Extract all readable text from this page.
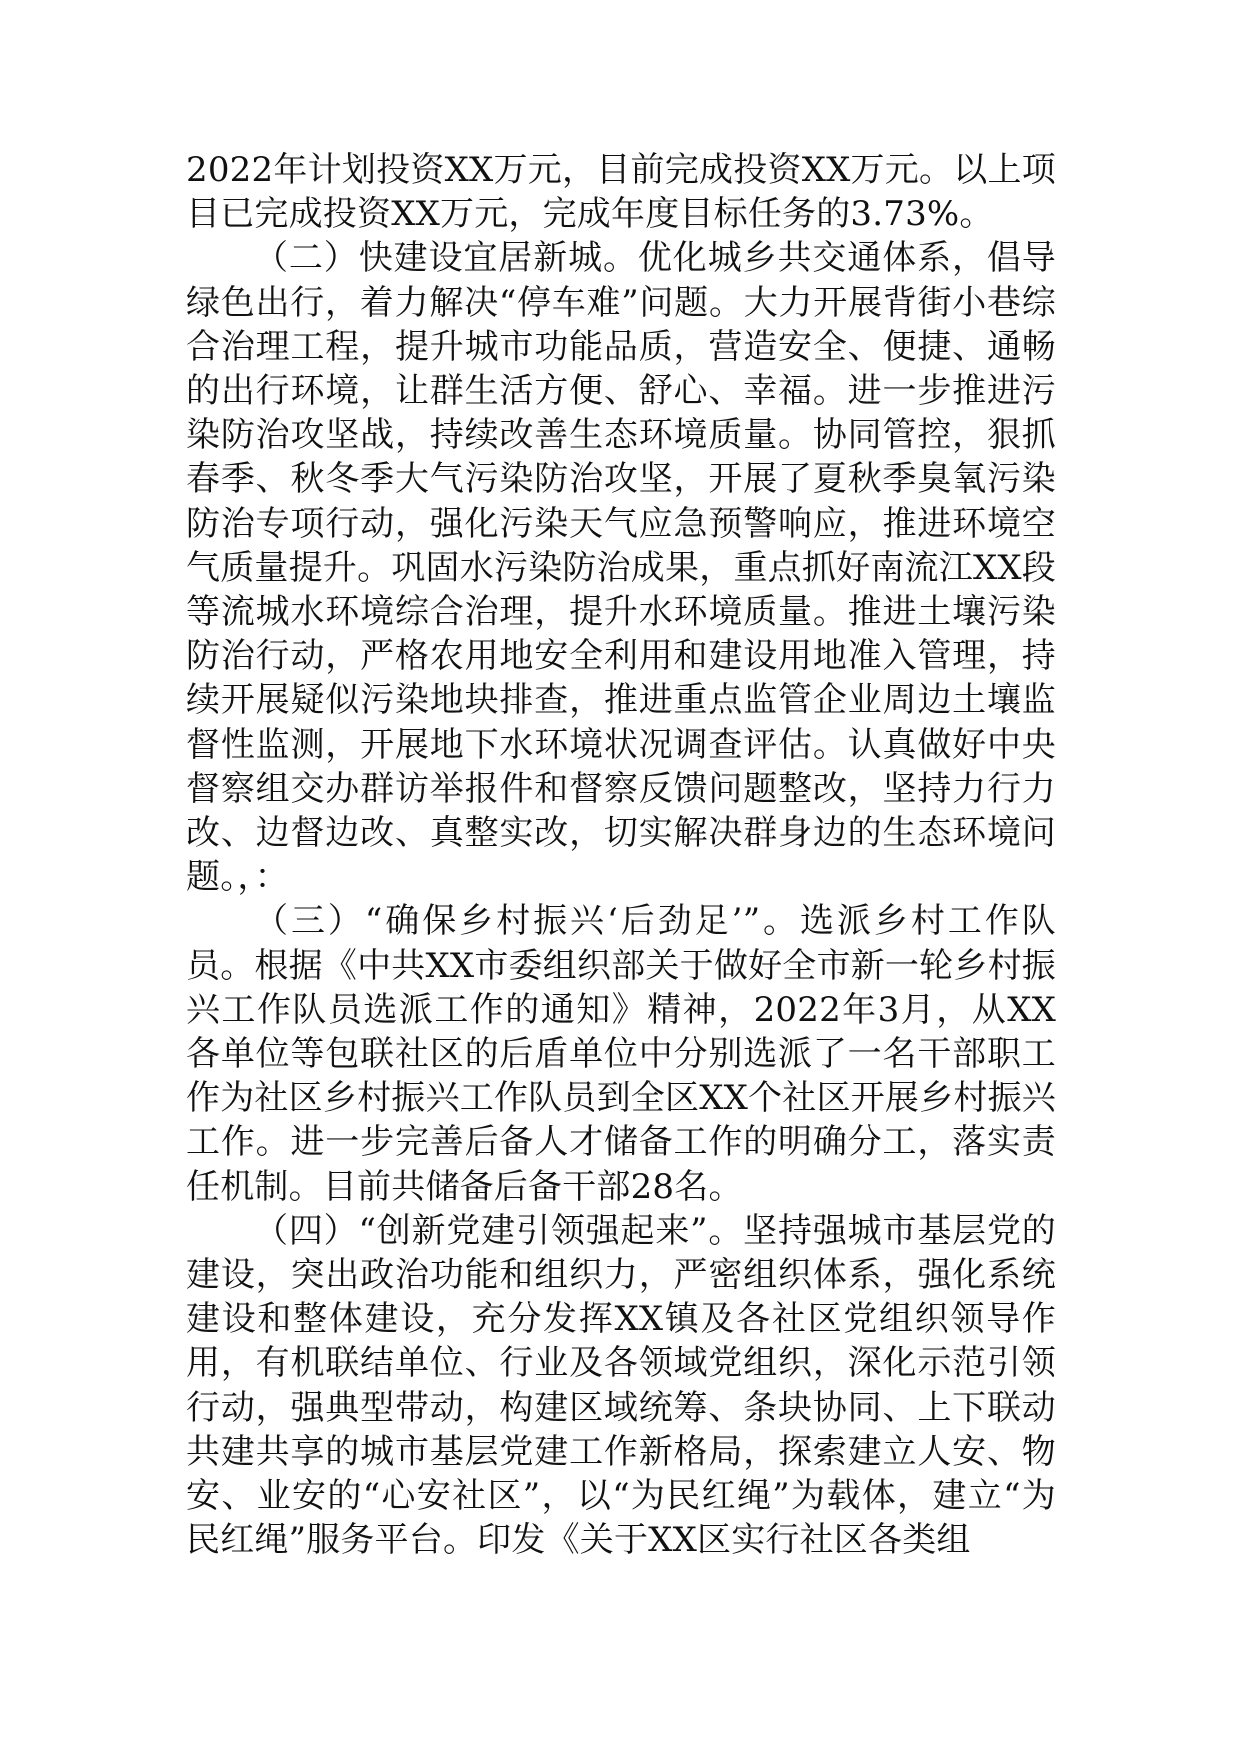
2022年计划投资XX万元，目前完成投资XX万元。以上项目已完成投资XX万元，完成年度目标任务的3.73%。

（二）快建设宜居新城。优化城乡共交通体系，倡导绿色出行，着力解决“停车难”问题。大力开展背街小巷综合治理工程，提升城市功能品质，营造安全、便捷、通畅的出行环境，让群生活方便、舒心、幸福。进一步推进污染防治攻坚战，持续改善生态环境质量。协同管控，狠抓春季、秋冬季大气污染防治攻坚，开展了夏秋季臭氧污染防治专项行动，强化污染天气应急预警响应，推进环境空气质量提升。巩固水污染防治成果，重点抓好南流江XX段等流城水环境综合治理，提升水环境质量。推进土壤污染防治行动，严格农用地安全利用和建设用地准入管理，持续开展疑似污染地块排查，推进重点监管企业周边土壤监督性监测，开展地下水环境状况调查评估。认真做好中央督察组交办群访举报件和督察反馈问题整改，坚持力行力改、边督边改、真整实改，切实解决群身边的生态环境问题。，：

（三）“确保乡村振兴‘后劲足’”。选派乡村工作队员。根据《中共XX市委组织部关于做好全市新一轮乡村振兴工作队员选派工作的通知》精神，2022年3月，从XX各单位等包联社区的后盾单位中分别选派了一名干部职工作为社区乡村振兴工作队员到全区XX个社区开展乡村振兴工作。进一步完善后备人才储备工作的明确分工，落实责任机制。目前共储备后备干部28名。

（四）“创新党建引领强起来”。坚持强城市基层党的建设，突出政治功能和组织力，严密组织体系，强化系统建设和整体建设，充分发挥XX镇及各社区党组织领导作用，有机联结单位、行业及各领域党组织，深化示范引领行动，强典型带动，构建区域统筹、条块协同、上下联动共建共享的城市基层党建工作新格局，探索建立人安、物安、业安的“心安社区”，以“为民红绳”为载体，建立“为民红绳”服务平台。印发《关于XX区实行社区各类组
